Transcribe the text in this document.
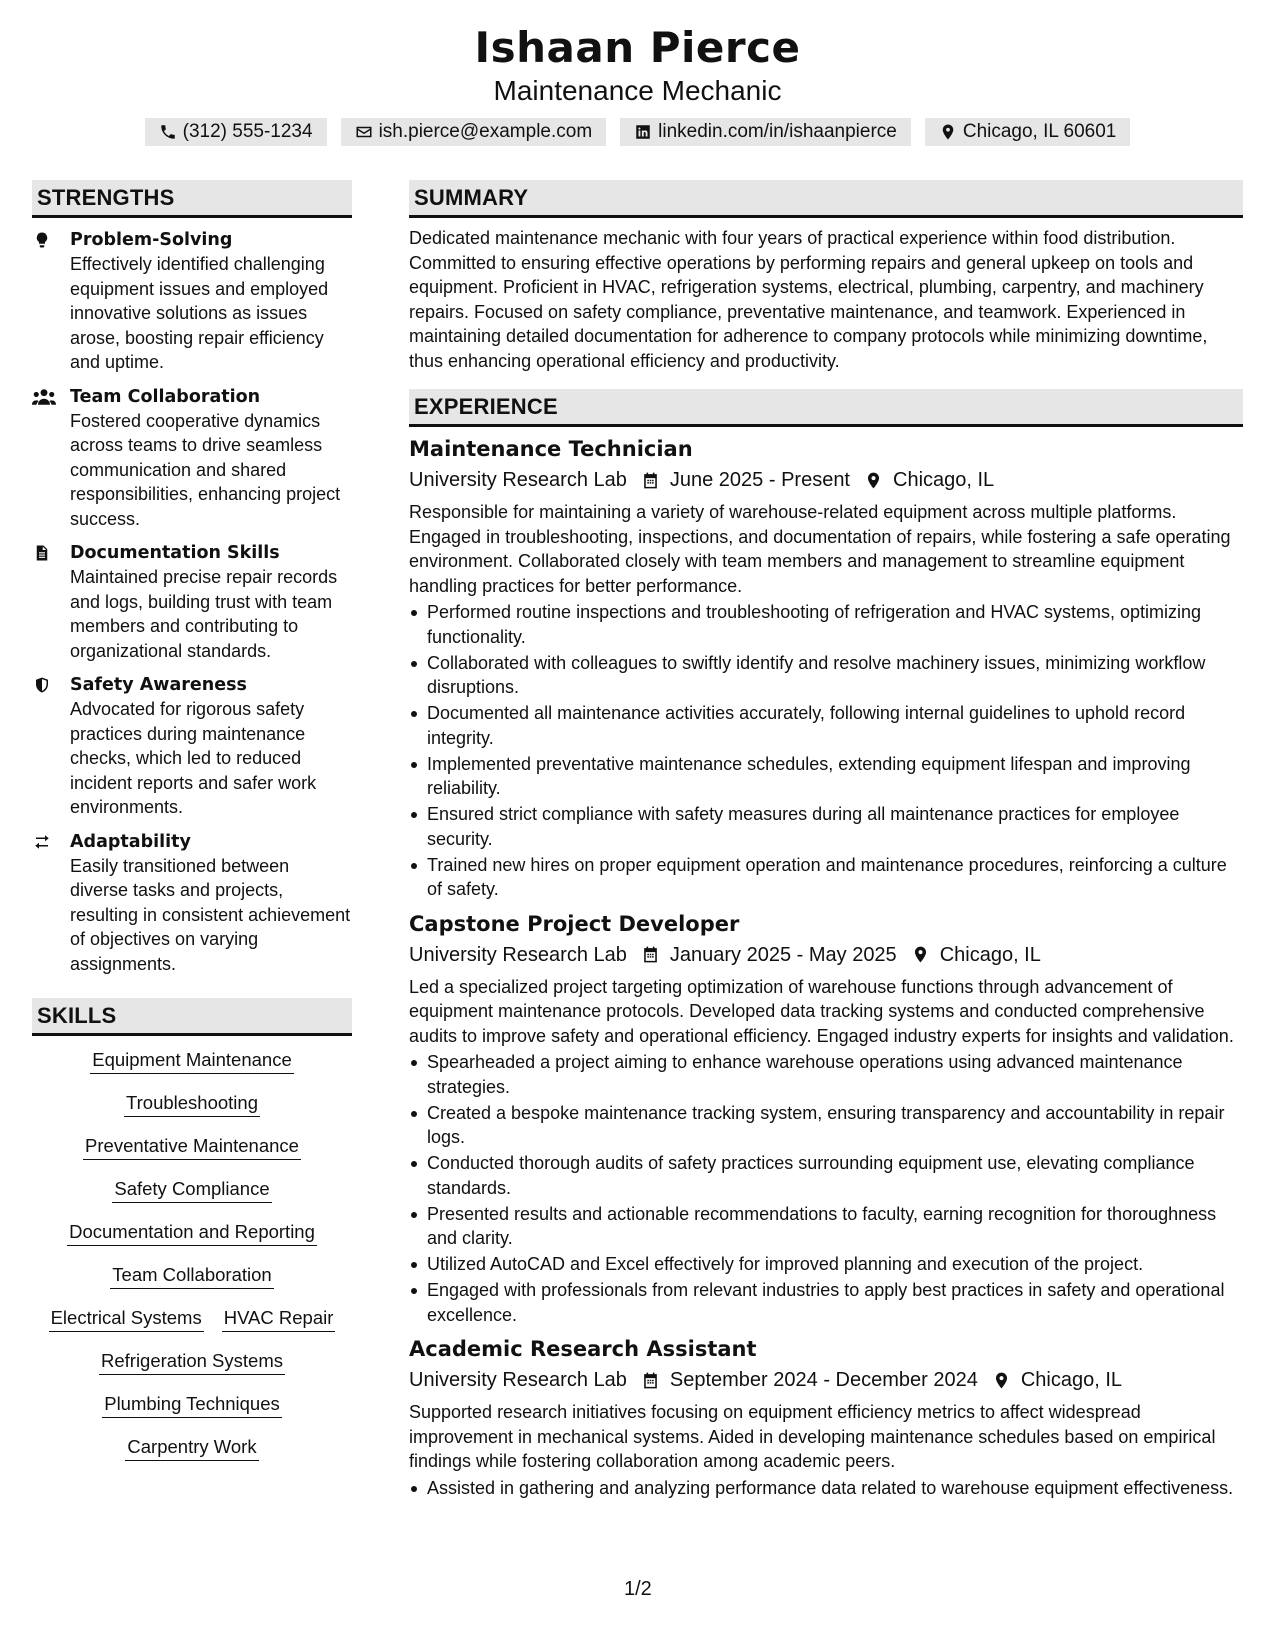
Ishaan Pierce
Maintenance Mechanic
(312) 555-1234	ish.pierce@example.com	linkedin.com/in/ishaanpierce	Chicago, IL 60601
STRENGTHS
Problem-Solving
Effectively identified challenging equipment issues and employed innovative solutions as issues arose, boosting repair efficiency and uptime.
Team Collaboration
Fostered cooperative dynamics across teams to drive seamless communication and shared responsibilities, enhancing project success.
Documentation Skills
Maintained precise repair records and logs, building trust with team members and contributing to organizational standards.
Safety Awareness
Advocated for rigorous safety practices during maintenance checks, which led to reduced incident reports and safer work environments.
Adaptability
Easily transitioned between diverse tasks and projects, resulting in consistent achievement of objectives on varying assignments.
SKILLS
Equipment Maintenance
Troubleshooting
Preventative Maintenance
Safety Compliance
Documentation and Reporting
Team Collaboration
Electrical Systems HVAC Repair
Refrigeration Systems
Plumbing Techniques
Carpentry Work
SUMMARY
Dedicated maintenance mechanic with four years of practical experience within food distribution. Committed to ensuring effective operations by performing repairs and general upkeep on tools and equipment. Proficient in HVAC, refrigeration systems, electrical, plumbing, carpentry, and machinery repairs. Focused on safety compliance, preventative maintenance, and teamwork. Experienced in maintaining detailed documentation for adherence to company protocols while minimizing downtime, thus enhancing operational efficiency and productivity.
EXPERIENCE
Maintenance Technician
University Research Lab June 2025 - Present Chicago, IL
Responsible for maintaining a variety of warehouse-related equipment across multiple platforms. Engaged in troubleshooting, inspections, and documentation of repairs, while fostering a safe operating environment. Collaborated closely with team members and management to streamline equipment handling practices for better performance.
Performed routine inspections and troubleshooting of refrigeration and HVAC systems, optimizing functionality.
Collaborated with colleagues to swiftly identify and resolve machinery issues, minimizing workflow disruptions.
Documented all maintenance activities accurately, following internal guidelines to uphold record integrity.
Implemented preventative maintenance schedules, extending equipment lifespan and improving reliability.
Ensured strict compliance with safety measures during all maintenance practices for employee security.
Trained new hires on proper equipment operation and maintenance procedures, reinforcing a culture of safety.
Capstone Project Developer
University Research Lab January 2025 - May 2025 Chicago, IL
Led a specialized project targeting optimization of warehouse functions through advancement of equipment maintenance protocols. Developed data tracking systems and conducted comprehensive audits to improve safety and operational efficiency. Engaged industry experts for insights and validation.
Spearheaded a project aiming to enhance warehouse operations using advanced maintenance strategies.
Created a bespoke maintenance tracking system, ensuring transparency and accountability in repair logs.
Conducted thorough audits of safety practices surrounding equipment use, elevating compliance standards.
Presented results and actionable recommendations to faculty, earning recognition for thoroughness and clarity.
Utilized AutoCAD and Excel effectively for improved planning and execution of the project.
Engaged with professionals from relevant industries to apply best practices in safety and operational excellence.
Academic Research Assistant
University Research Lab September 2024 - December 2024 Chicago, IL
Supported research initiatives focusing on equipment efficiency metrics to affect widespread improvement in mechanical systems. Aided in developing maintenance schedules based on empirical findings while fostering collaboration among academic peers.
Assisted in gathering and analyzing performance data related to warehouse equipment effectiveness.
1/2
